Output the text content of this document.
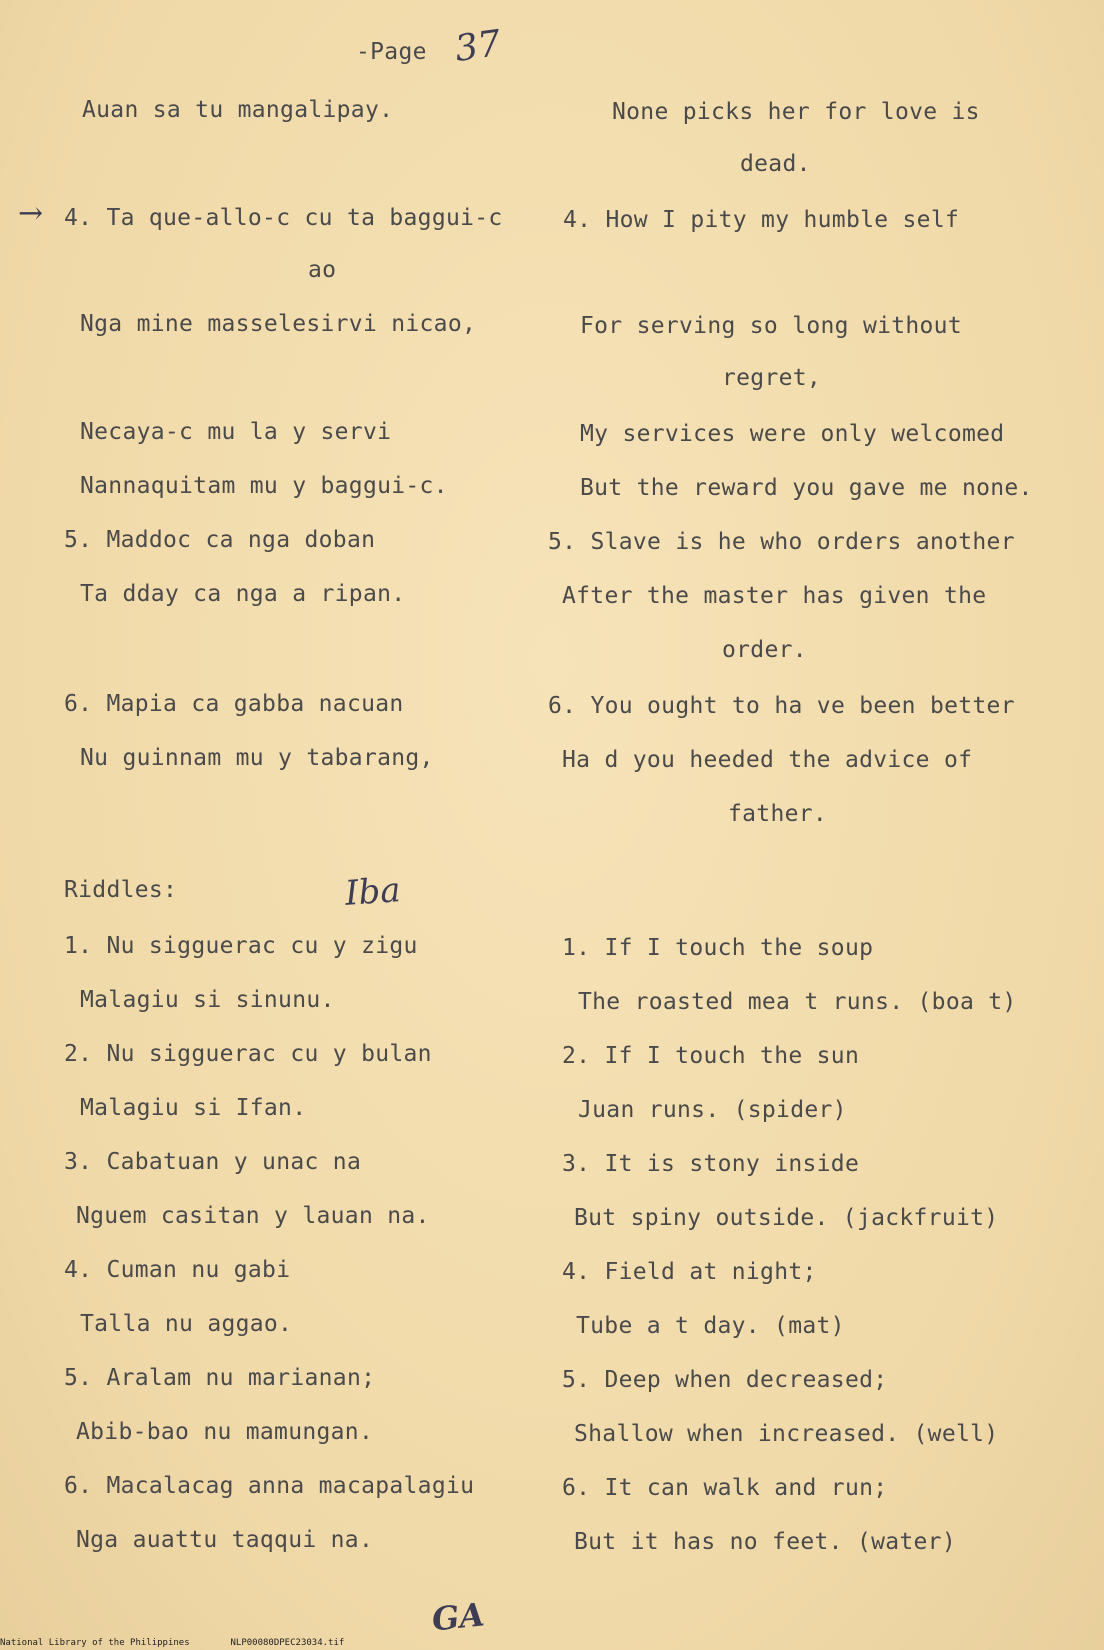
-Page 37
→
Auan sa tu mangalipay.	None picks her for love is
dead.
4. Ta que-allo-c cu ta baggui-c	4. How I pity my humble self
ao
Nga mine masselesirvi nicao,	For serving so long without
regret,
Necaya-c mu la y servi	My services were only welcomed
Nannaquitam mu y baggui-c.	But the reward you gave me none.
5. Maddoc ca nga doban	5. Slave is he who orders another
Ta dday ca nga a ripan.	After the master has given the
order.
6. Mapia ca gabba nacuan	6. You ought to ha ve been better
Nu guinnam mu y tabarang,	Ha d you heeded the advice of
father.
Riddles:
1. Nu sigguerac cu y zigu	1. If I touch the soup
Malagiu si sinunu.	The roasted mea t runs. (boa t)
2. Nu sigguerac cu y bulan	2. If I touch the sun
Malagiu si Ifan.	Juan runs. (spider)
3. Cabatuan y unac na	3. It is stony inside
Nguem casitan y lauan na.	But spiny outside. (jackfruit)
4. Cuman nu gabi	4. Field at night;
Talla nu aggao.	Tube a t day. (mat)
5. Aralam nu marianan;	5. Deep when decreased;
Abib-bao nu mamungan.	Shallow when increased. (well)
6. Macalacag anna macapalagiu	6. It can walk and run;
Nga auattu taqqui na.	But it has no feet. (water)
Iba
GA
National Library of the Philippines	NLP00080DPEC23034.tif
